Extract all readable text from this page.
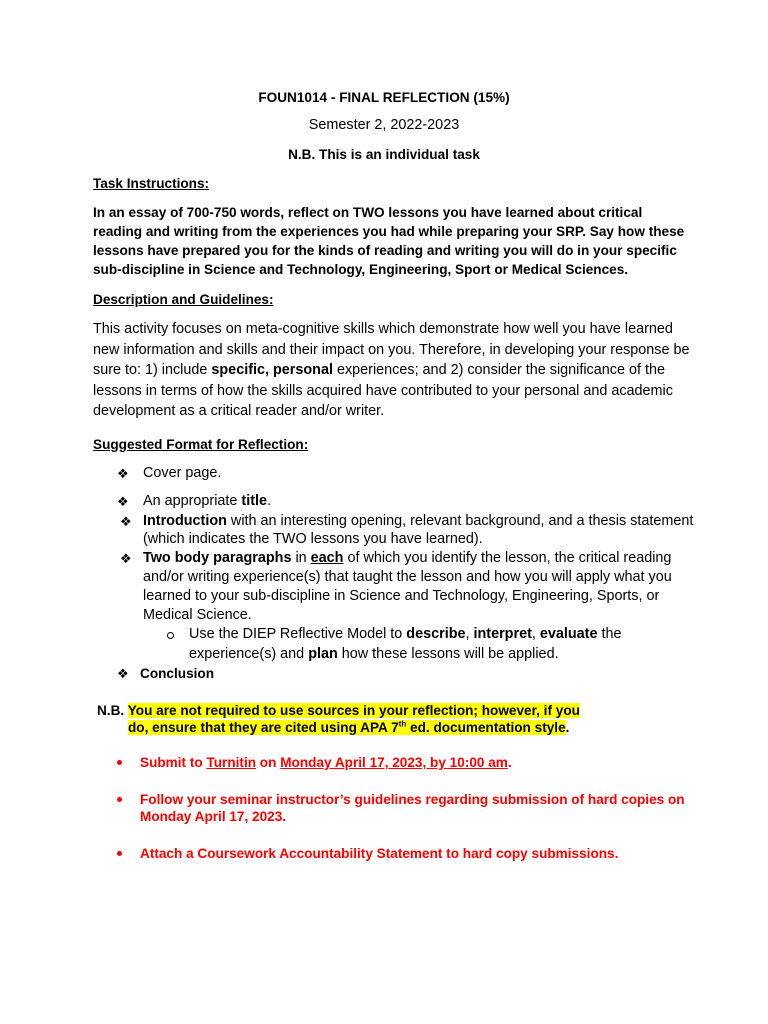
FOUN1014 - FINAL REFLECTION (15%)

Semester 2, 2022-2023

N.B. This is an individual task

Task Instructions:

In an essay of 700-750 words, reflect on TWO lessons you have learned about critical

reading and writing from the experiences you had while preparing your SRP. Say how these

lessons have prepared you for the kinds of reading and writing you will do in your specific

sub-discipline in Science and Technology, Engineering, Sport or Medical Sciences.

Description and Guidelines:

This activity focuses on meta-cognitive skills which demonstrate how well you have learned

new information and skills and their impact on you. Therefore, in developing your response be

sure to: 1) include specific, personal experiences; and 2) consider the significance of the

lessons in terms of how the skills acquired have contributed to your personal and academic

development as a critical reader and/or writer.

Suggested Format for Reflection:

❖ Cover page.

❖ An appropriate title.

❖ Introduction with an interesting opening, relevant background, and a thesis statement

(which indicates the TWO lessons you have learned).

❖ Two body paragraphs in each of which you identify the lesson, the critical reading

and/or writing experience(s) that taught the lesson and how you will apply what you

learned to your sub-discipline in Science and Technology, Engineering, Sports, or

Medical Science.

Use the DIEP Reflective Model to describe, interpret, evaluate the

experience(s) and plan how these lessons will be applied.

❖ Conclusion

N.B. You are not required to use sources in your reflection; however, if you

do, ensure that they are cited using APA 7th ed. documentation style.

Submit to Turnitin on Monday April 17, 2023, by 10:00 am.

Follow your seminar instructor’s guidelines regarding submission of hard copies on

Monday April 17, 2023.

Attach a Coursework Accountability Statement to hard copy submissions.
